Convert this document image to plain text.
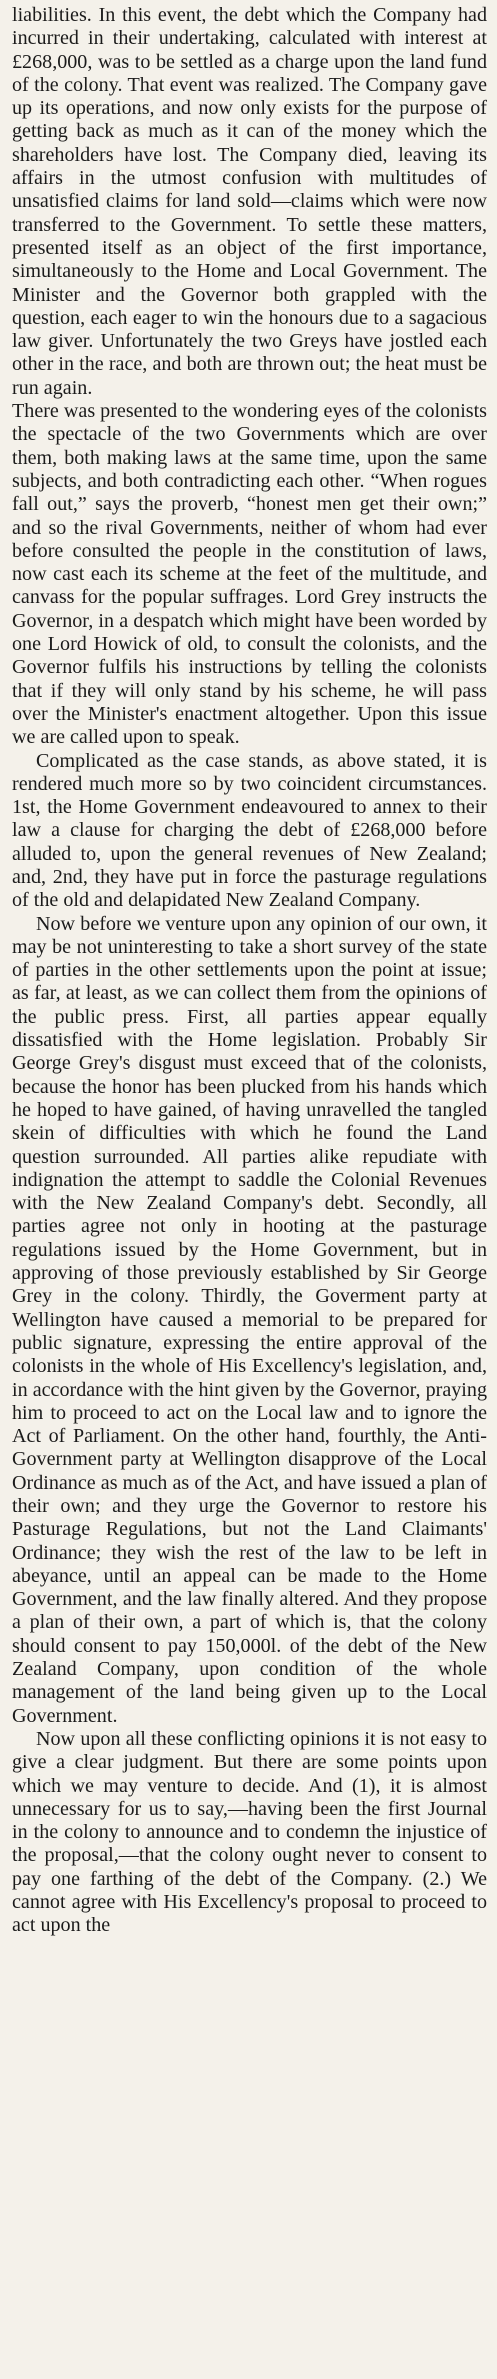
liabilities. In this event, the debt which the Company had incurred in their undertaking, calculated with interest at £268,000, was to be settled as a charge upon the land fund of the colony. That event was realized. The Company gave up its operations, and now only exists for the purpose of getting back as much as it can of the money which the shareholders have lost. The Company died, leaving its affairs in the utmost confusion with multitudes of unsatisfied claims for land sold—claims which were now transferred to the Government. To settle these matters, presented itself as an object of the first importance, simultaneously to the Home and Local Government. The Minister and the Governor both grappled with the question, each eager to win the honours due to a sagacious law giver. Unfortunately the two Greys have jostled each other in the race, and both are thrown out; the heat must be run again.

There was presented to the wondering eyes of the colonists the spectacle of the two Governments which are over them, both making laws at the same time, upon the same subjects, and both contradicting each other. “When rogues fall out,” says the proverb, “honest men get their own;” and so the rival Governments, neither of whom had ever before consulted the people in the constitution of laws, now cast each its scheme at the feet of the multitude, and canvass for the popular suffrages. Lord Grey instructs the Governor, in a despatch which might have been worded by one Lord Howick of old, to consult the colonists, and the Governor fulfils his instructions by telling the colonists that if they will only stand by his scheme, he will pass over the Minister's enactment altogether. Upon this issue we are called upon to speak.

Complicated as the case stands, as above stated, it is rendered much more so by two coincident circumstances. 1st, the Home Government endeavoured to annex to their law a clause for charging the debt of £268,000 before alluded to, upon the general revenues of New Zealand; and, 2nd, they have put in force the pasturage regulations of the old and delapidated New Zealand Company.

Now before we venture upon any opinion of our own, it may be not uninteresting to take a short survey of the state of parties in the other settlements upon the point at issue; as far, at least, as we can collect them from the opinions of the public press. First, all parties appear equally dissatisfied with the Home legislation. Probably Sir George Grey's disgust must exceed that of the colonists, because the honor has been plucked from his hands which he hoped to have gained, of having unravelled the tangled skein of difficulties with which he found the Land question surrounded. All parties alike repudiate with indignation the attempt to saddle the Colonial Revenues with the New Zealand Company's debt. Secondly, all parties agree not only in hooting at the pasturage regulations issued by the Home Government, but in approving of those previously established by Sir George Grey in the colony. Thirdly, the Goverment party at Wellington have caused a memorial to be prepared for public signature, expressing the entire approval of the colonists in the whole of His Excellency's legislation, and, in accordance with the hint given by the Governor, praying him to proceed to act on the Local law and to ignore the Act of Parliament. On the other hand, fourthly, the Anti-Government party at Wellington disapprove of the Local Ordinance as much as of the Act, and have issued a plan of their own; and they urge the Governor to restore his Pasturage Regulations, but not the Land Claimants' Ordinance; they wish the rest of the law to be left in abeyance, until an appeal can be made to the Home Government, and the law finally altered. And they propose a plan of their own, a part of which is, that the colony should consent to pay 150,000l. of the debt of the New Zealand Company, upon condition of the whole management of the land being given up to the Local Government.

Now upon all these conflicting opinions it is not easy to give a clear judgment. But there are some points upon which we may venture to decide. And (1), it is almost unnecessary for us to say,—having been the first Journal in the colony to announce and to condemn the injustice of the proposal,—that the colony ought never to consent to pay one farthing of the debt of the Company. (2.) We cannot agree with His Excellency's proposal to proceed to act upon the
